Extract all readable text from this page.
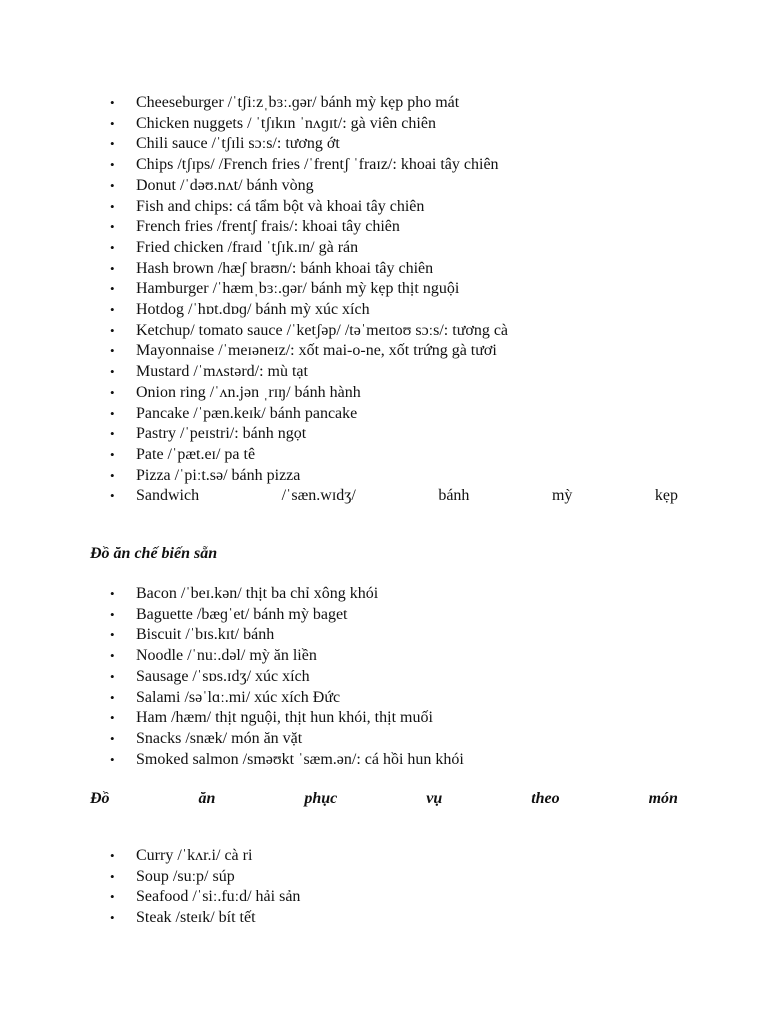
• Cheeseburger /ˈtʃiːzˌbɜː.ɡər/ bánh mỳ kẹp pho mát
• Chicken nuggets / ˈtʃɪkɪn ˈnʌɡɪt/: gà viên chiên
• Chili sauce /ˈtʃɪli sɔːs/: tương ớt
• Chips /tʃɪps/ /French fries /ˈfrentʃ ˈfraɪz/: khoai tây chiên
• Donut /ˈdəʊ.nʌt/ bánh vòng
• Fish and chips: cá tẩm bột và khoai tây chiên
• French fries /frentʃ frais/: khoai tây chiên
• Fried chicken /fraɪd ˈtʃɪk.ɪn/ gà rán
• Hash brown /hæʃ braʊn/: bánh khoai tây chiên
• Hamburger /ˈhæmˌbɜː.ɡər/ bánh mỳ kẹp thịt nguội
• Hotdog /ˈhɒt.dɒɡ/ bánh mỳ xúc xích
• Ketchup/ tomato sauce /ˈketʃəp/ /təˈmeɪtoʊ sɔːs/: tương cà
• Mayonnaise /ˈmeɪəneɪz/: xốt mai-o-ne, xốt trứng gà tươi
• Mustard /ˈmʌstərd/: mù tạt
• Onion ring /ˈʌn.jən ˌrɪŋ/ bánh hành
• Pancake /ˈpæn.keɪk/ bánh pancake
• Pastry /ˈpeɪstri/: bánh ngọt
• Pate /ˈpæt.eɪ/ pa tê
• Pizza /ˈpiːt.sə/ bánh pizza
• Sandwich	/ˈsæn.wɪdʒ/	bánh	mỳ	kẹp
Đồ ăn chế biến sẵn
• Bacon /ˈbeɪ.kən/ thịt ba chỉ xông khói
• Baguette /bæɡˈet/ bánh mỳ baget
• Biscuit /ˈbɪs.kɪt/ bánh
• Noodle /ˈnuː.dəl/ mỳ ăn liền
• Sausage /ˈsɒs.ɪdʒ/ xúc xích
• Salami /səˈlɑː.mi/ xúc xích Đức
• Ham /hæm/ thịt nguội, thịt hun khói, thịt muối
• Snacks /snæk/ món ăn vặt
• Smoked salmon /sməʊkt ˈsæm.ən/: cá hồi hun khói
Đồ	ăn	phục	vụ	theo	món
• Curry /ˈkʌr.i/ cà ri
• Soup /suːp/ súp
• Seafood /ˈsiː.fuːd/ hải sản
• Steak /steɪk/ bít tết
